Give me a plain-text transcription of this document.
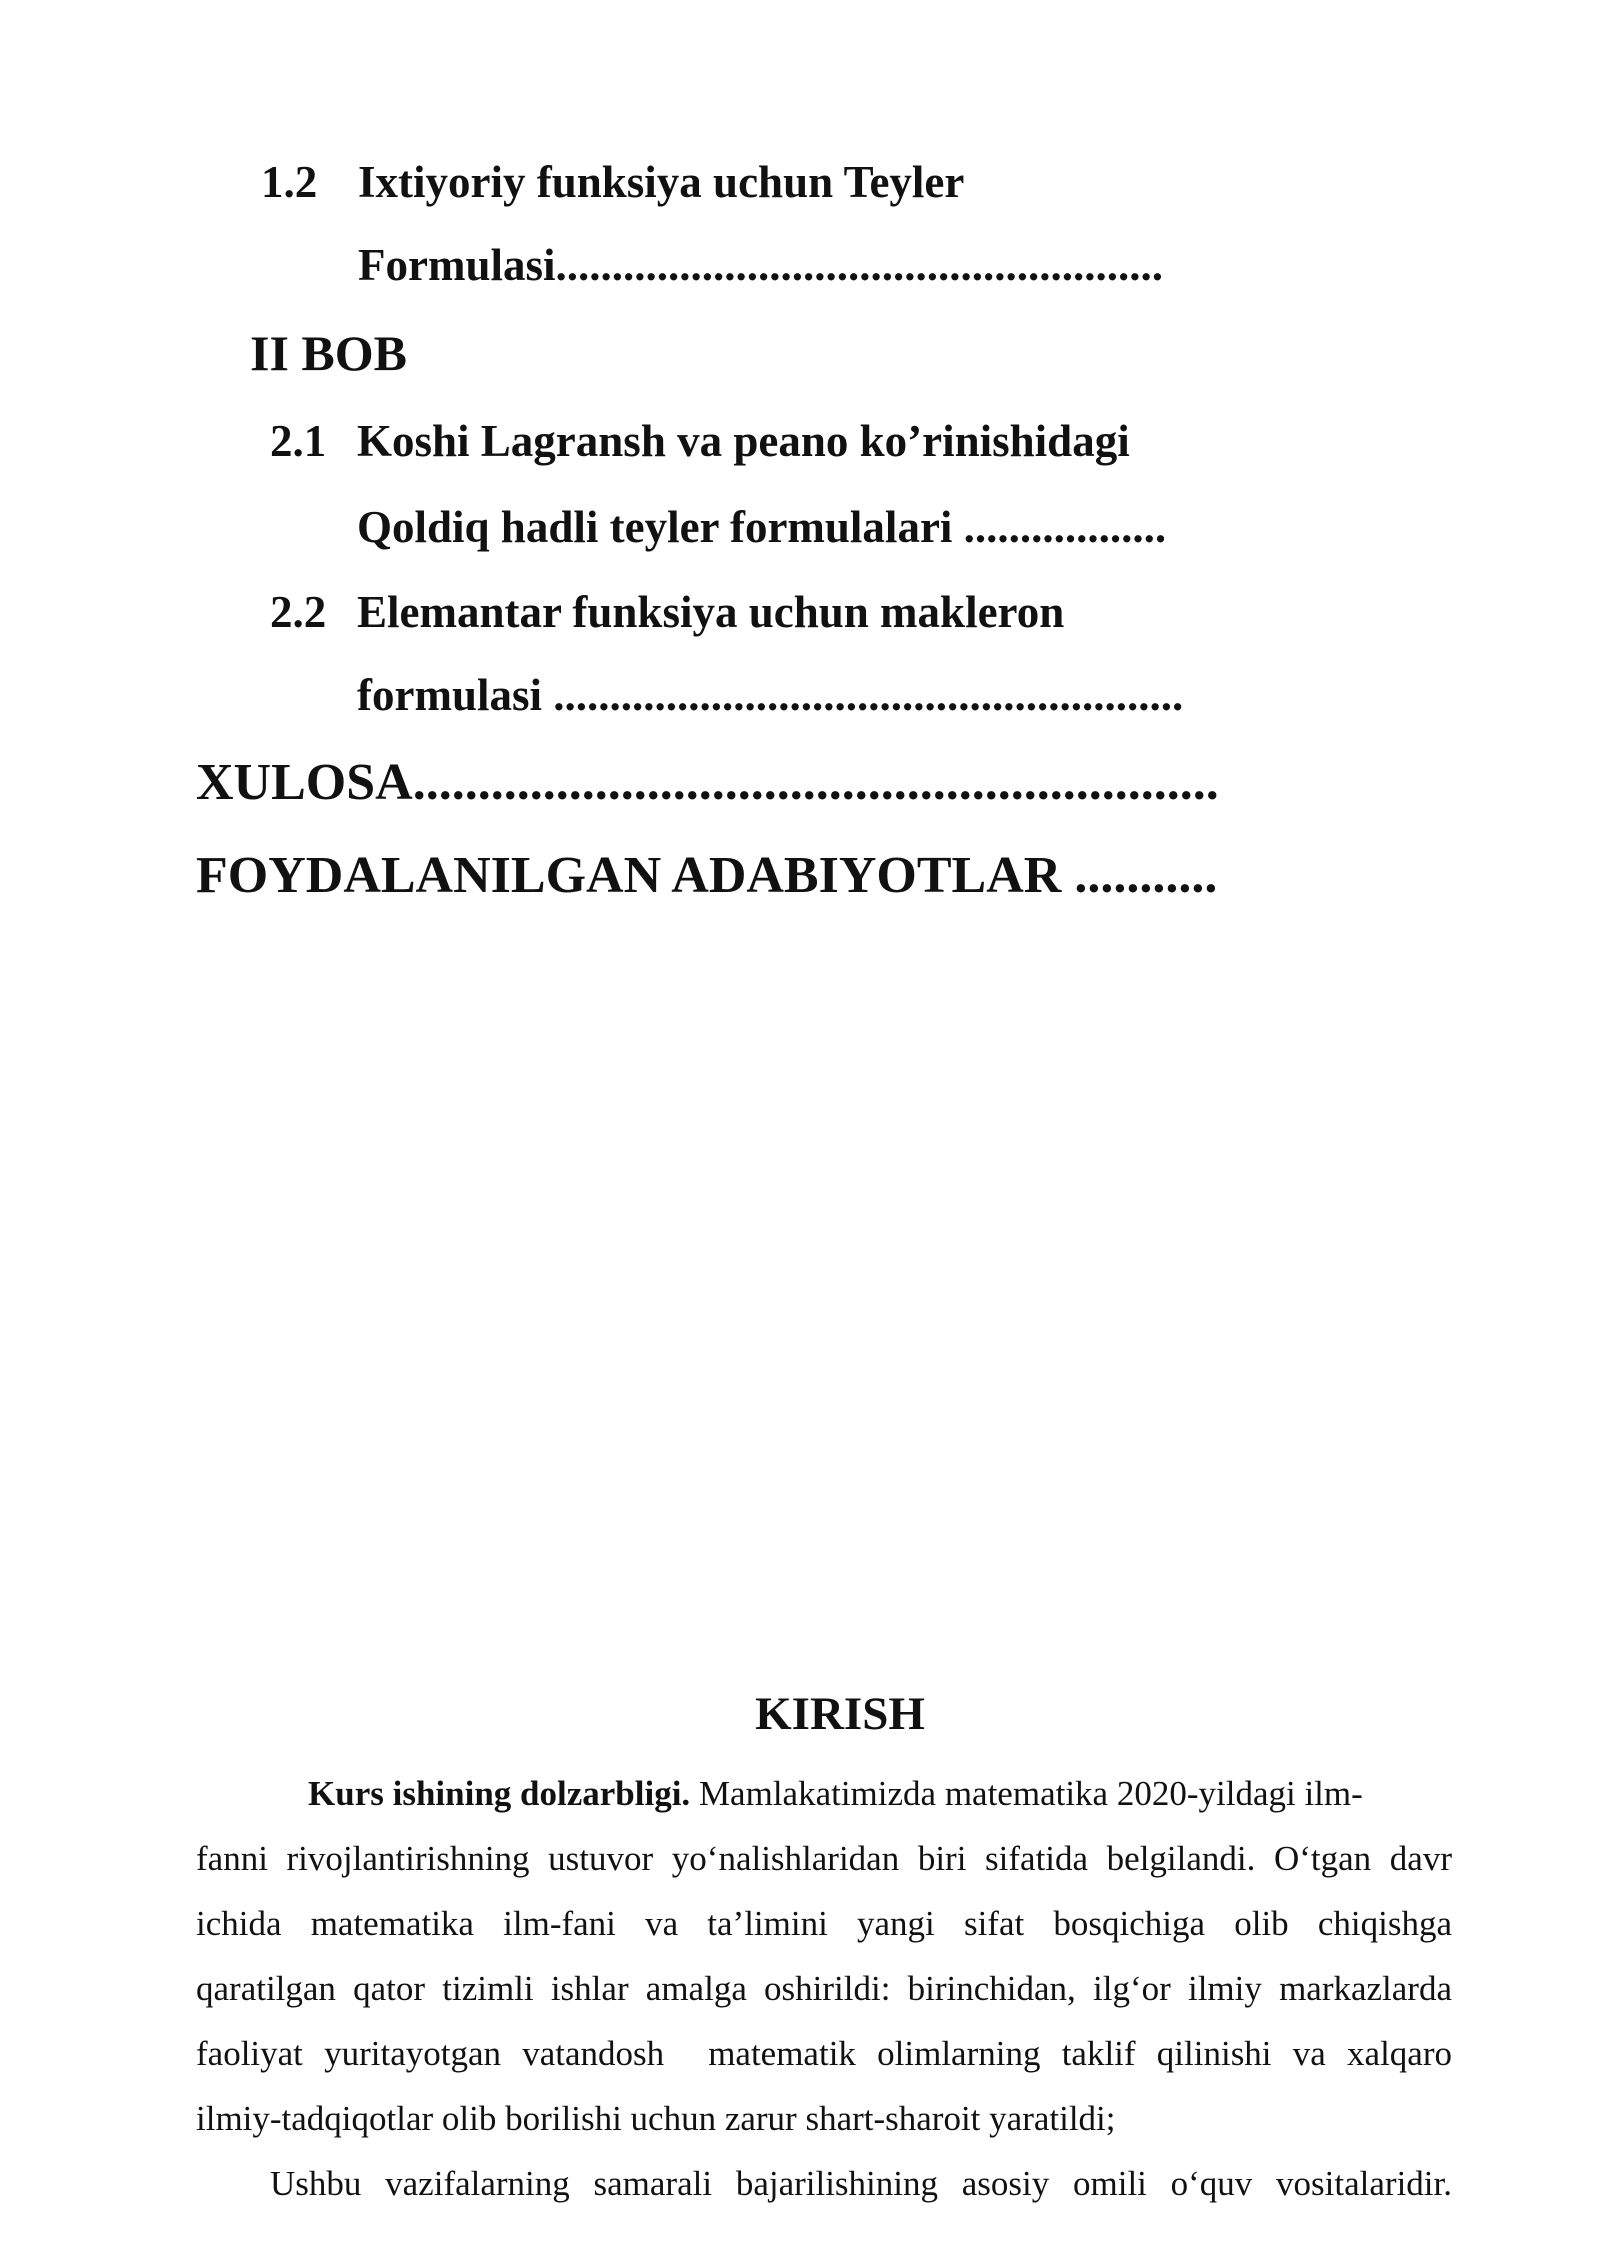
1.2 Ixtiyoriy funksiya uchun Teyler

Formulasi......................................................

II BOB

2.1 Koshi Lagransh va peano ko’rinishidagi

Qoldiq hadli teyler formulalari ..................

2.2 Elemantar funksiya uchun makleron

formulasi ........................................................

XULOSA..............................................................

FOYDALANILGAN ADABIYOTLAR ...........

KIRISH
Kurs ishining dolzarbligi. Mamlakatimizda matematika 2020-yildagi ilm-
fanni rivojlantirishning ustuvor yo‘nalishlaridan biri sifatida belgilandi. O‘tgan davr
ichida matematika ilm-fani va ta’limini yangi sifat bosqichiga olib chiqishga
qaratilgan qator tizimli ishlar amalga oshirildi: birinchidan, ilg‘or ilmiy markazlarda
faoliyat yuritayotgan vatandosh matematik olimlarning taklif qilinishi va xalqaro
ilmiy-tadqiqotlar olib borilishi uchun zarur shart-sharoit yaratildi;
Ushbu vazifalarning samarali bajarilishining asosiy omili o‘quv vositalaridir.
